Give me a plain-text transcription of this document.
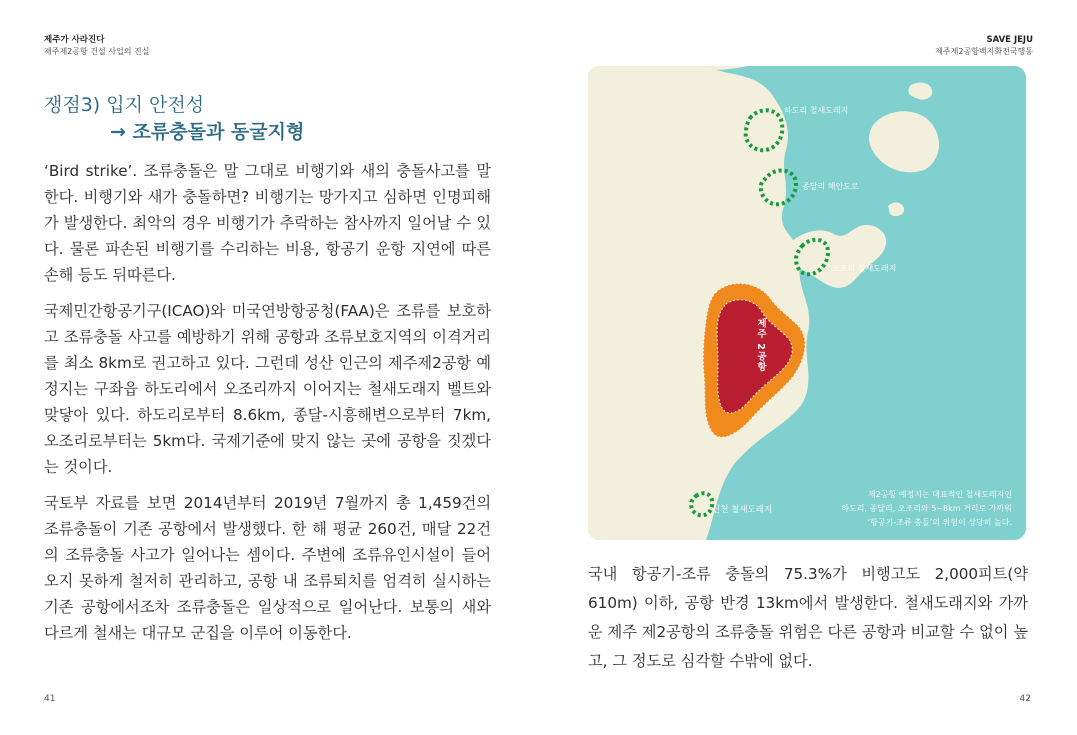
제주가 사라진다
제주제2공항 건설 사업의 진실
SAVE JEJU
제주제2공항백지화전국행동
쟁점3) 입지 안전성
→ 조류충돌과 동굴지형

‘Bird strike’. 조류충돌은 말 그대로 비행기와 새의 충돌사고를 말한다. 비행기와 새가 충돌하면? 비행기는 망가지고 심하면 인명피해가 발생한다. 최악의 경우 비행기가 추락하는 참사까지 일어날 수 있다. 물론 파손된 비행기를 수리하는 비용, 항공기 운항 지연에 따른 손해 등도 뒤따른다.

국제민간항공기구(ICAO)와 미국연방항공청(FAA)은 조류를 보호하고 조류충돌 사고를 예방하기 위해 공항과 조류보호지역의 이격거리를 최소 8km로 권고하고 있다. 그런데 성산 인근의 제주제2공항 예정지는 구좌읍 하도리에서 오조리까지 이어지는 철새도래지 벨트와 맞닿아 있다. 하도리로부터 8.6km, 종달-시흥해변으로부터 7km, 오조리로부터는 5km다. 국제기준에 맞지 않는 곳에 공항을 짓겠다는 것이다.

국토부 자료를 보면 2014년부터 2019년 7월까지 총 1,459건의 조류충돌이 기존 공항에서 발생했다. 한 해 평균 260건, 매달 22건의 조류충돌 사고가 일어나는 셈이다. 주변에 조류유인시설이 들어오지 못하게 철저히 관리하고, 공항 내 조류퇴치를 엄격히 실시하는 기존 공항에서조차 조류충돌은 일상적으로 일어난다. 보통의 새와 다르게 철새는 대규모 군집을 이루어 이동한다.

하도리 철새도래지
종달리 해안도로
오조리 철새도래지
제주 2공항
신천 철새도래지
제2공항 예정지는 대표적인 철새도래지인
하도리, 종달리, 오조리와 5~8km 거리로 가까워
‘항공기-조류 충돌’의 위험이 상당히 높다.

국내 항공기-조류 충돌의 75.3%가 비행고도 2,000피트(약610m) 이하, 공항 반경 13km에서 발생한다. 철새도래지와 가까운 제주 제2공항의 조류충돌 위험은 다른 공항과 비교할 수 없이 높고, 그 정도로 심각할 수밖에 없다.

41	42
